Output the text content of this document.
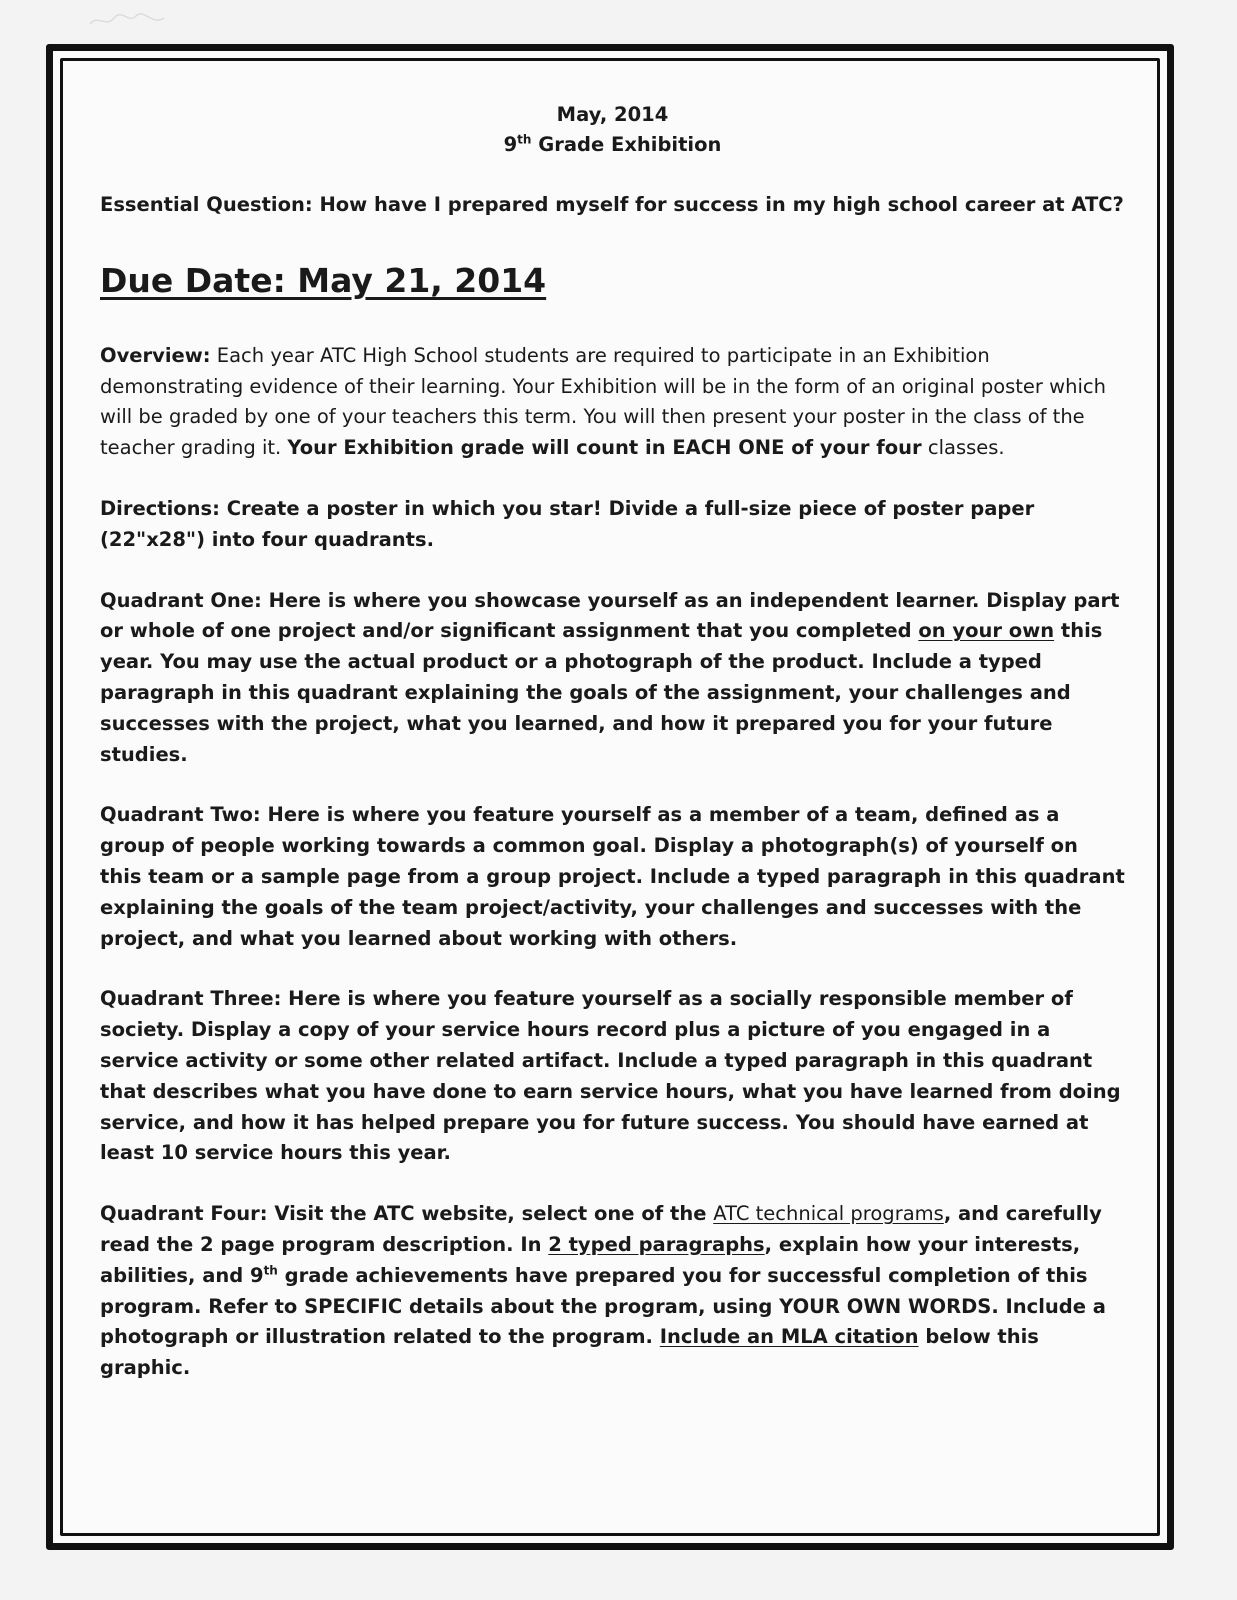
May, 2014
9th Grade Exhibition

Essential Question: How have I prepared myself for success in my high school career at ATC?

Due Date: May 21, 2014

Overview: Each year ATC High School students are required to participate in an Exhibition demonstrating evidence of their learning. Your Exhibition will be in the form of an original poster which will be graded by one of your teachers this term. You will then present your poster in the class of the teacher grading it. Your Exhibition grade will count in EACH ONE of your four classes.

Directions: Create a poster in which you star! Divide a full-size piece of poster paper (22"x28") into four quadrants.

Quadrant One: Here is where you showcase yourself as an independent learner. Display part or whole of one project and/or significant assignment that you completed on your own this year. You may use the actual product or a photograph of the product. Include a typed paragraph in this quadrant explaining the goals of the assignment, your challenges and successes with the project, what you learned, and how it prepared you for your future studies.

Quadrant Two: Here is where you feature yourself as a member of a team, defined as a group of people working towards a common goal. Display a photograph(s) of yourself on this team or a sample page from a group project. Include a typed paragraph in this quadrant explaining the goals of the team project/activity, your challenges and successes with the project, and what you learned about working with others.

Quadrant Three: Here is where you feature yourself as a socially responsible member of society. Display a copy of your service hours record plus a picture of you engaged in a service activity or some other related artifact. Include a typed paragraph in this quadrant that describes what you have done to earn service hours, what you have learned from doing service, and how it has helped prepare you for future success. You should have earned at least 10 service hours this year.

Quadrant Four: Visit the ATC website, select one of the ATC technical programs, and carefully read the 2 page program description. In 2 typed paragraphs, explain how your interests, abilities, and 9th grade achievements have prepared you for successful completion of this program. Refer to SPECIFIC details about the program, using YOUR OWN WORDS. Include a photograph or illustration related to the program. Include an MLA citation below this graphic.
